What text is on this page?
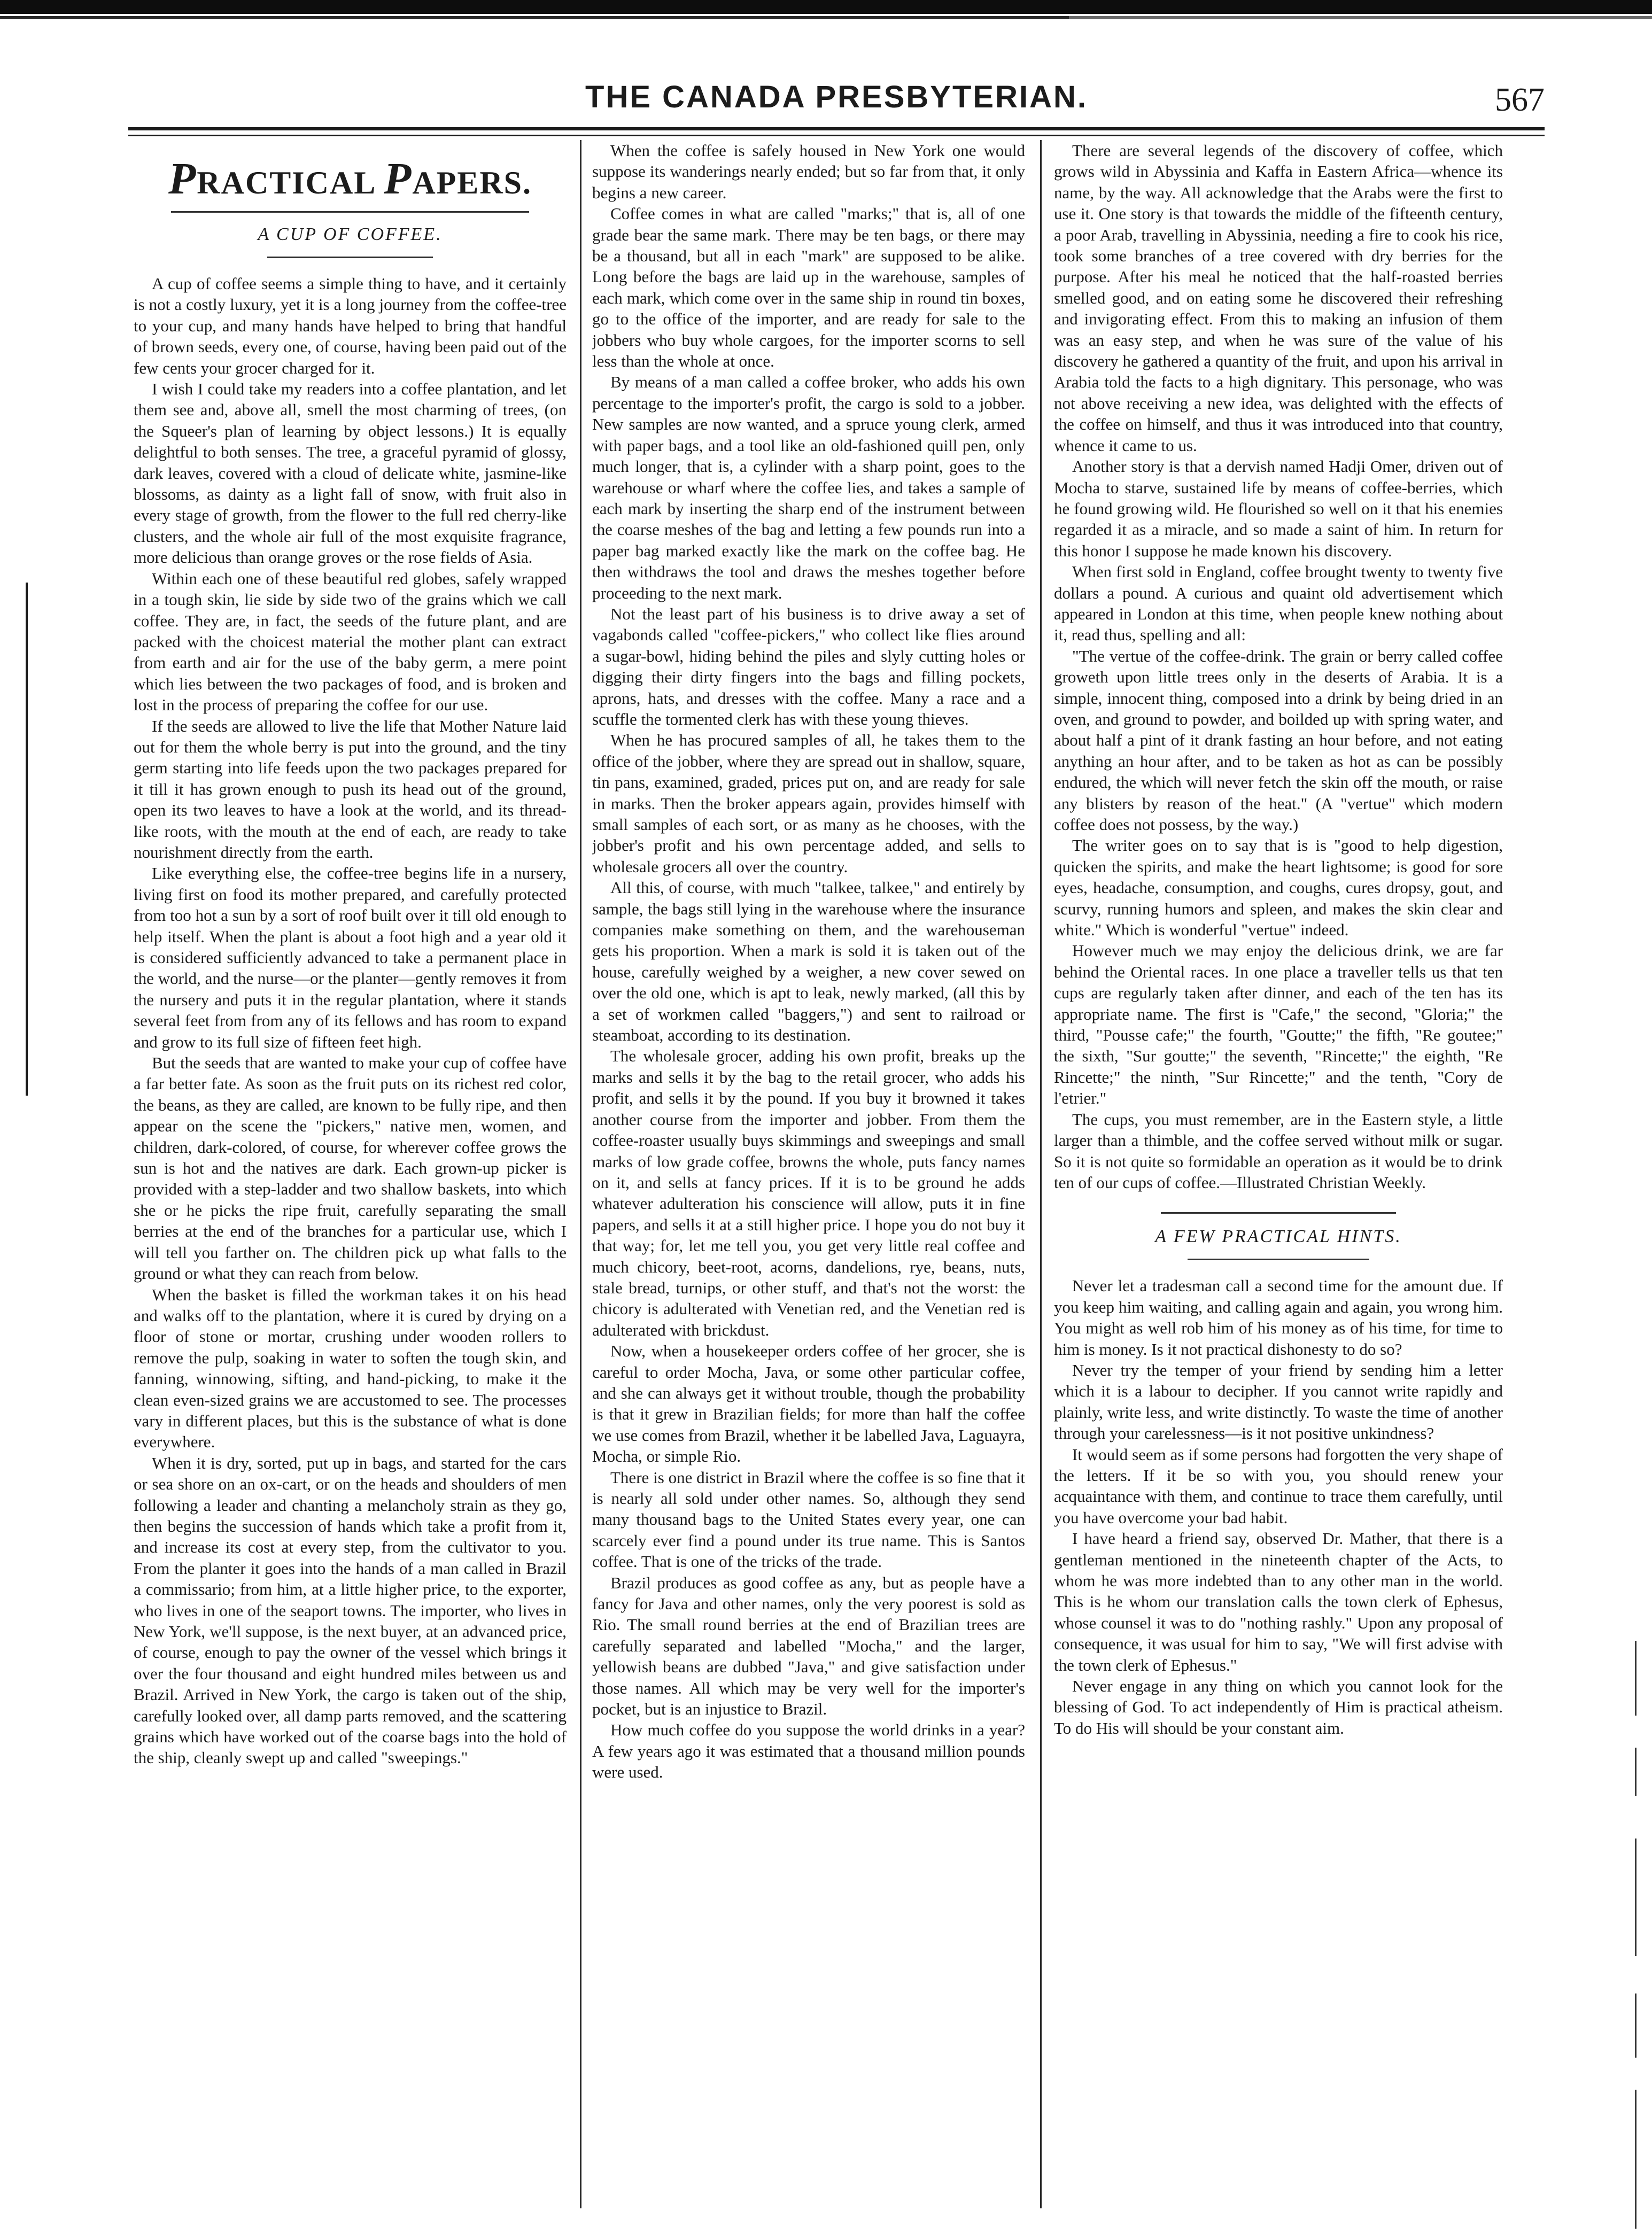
THE CANADA PRESBYTERIAN.	567
PRACTICAL PAPERS.
A CUP OF COFFEE.

A cup of coffee seems a simple thing to have, and it certainly is not a costly luxury, yet it is a long journey from the coffee-tree to your cup, and many hands have helped to bring that handful of brown seeds, every one, of course, having been paid out of the few cents your grocer charged for it.

I wish I could take my readers into a coffee plantation, and let them see and, above all, smell the most charming of trees, (on the Squeer's plan of learning by object lessons.) It is equally delightful to both senses. The tree, a graceful pyramid of glossy, dark leaves, covered with a cloud of delicate white, jasmine-like blossoms, as dainty as a light fall of snow, with fruit also in every stage of growth, from the flower to the full red cherry-like clusters, and the whole air full of the most exquisite fragrance, more delicious than orange groves or the rose fields of Asia.

Within each one of these beautiful red globes, safely wrapped in a tough skin, lie side by side two of the grains which we call coffee. They are, in fact, the seeds of the future plant, and are packed with the choicest material the mother plant can extract from earth and air for the use of the baby germ, a mere point which lies between the two packages of food, and is broken and lost in the process of preparing the coffee for our use.

If the seeds are allowed to live the life that Mother Nature laid out for them the whole berry is put into the ground, and the tiny germ starting into life feeds upon the two packages prepared for it till it has grown enough to push its head out of the ground, open its two leaves to have a look at the world, and its thread-like roots, with the mouth at the end of each, are ready to take nourishment directly from the earth.

Like everything else, the coffee-tree begins life in a nursery, living first on food its mother prepared, and carefully protected from too hot a sun by a sort of roof built over it till old enough to help itself. When the plant is about a foot high and a year old it is considered sufficiently advanced to take a permanent place in the world, and the nurse—or the planter—gently removes it from the nursery and puts it in the regular plantation, where it stands several feet from from any of its fellows and has room to expand and grow to its full size of fifteen feet high.

But the seeds that are wanted to make your cup of coffee have a far better fate. As soon as the fruit puts on its richest red color, the beans, as they are called, are known to be fully ripe, and then appear on the scene the "pickers," native men, women, and children, dark-colored, of course, for wherever coffee grows the sun is hot and the natives are dark. Each grown-up picker is provided with a step-ladder and two shallow baskets, into which she or he picks the ripe fruit, carefully separating the small berries at the end of the branches for a particular use, which I will tell you farther on. The children pick up what falls to the ground or what they can reach from below.

When the basket is filled the workman takes it on his head and walks off to the plantation, where it is cured by drying on a floor of stone or mortar, crushing under wooden rollers to remove the pulp, soaking in water to soften the tough skin, and fanning, winnowing, sifting, and hand-picking, to make it the clean even-sized grains we are accustomed to see. The processes vary in different places, but this is the substance of what is done everywhere.

When it is dry, sorted, put up in bags, and started for the cars or sea shore on an ox-cart, or on the heads and shoulders of men following a leader and chanting a melancholy strain as they go, then begins the succession of hands which take a profit from it, and increase its cost at every step, from the cultivator to you. From the planter it goes into the hands of a man called in Brazil a commissario; from him, at a little higher price, to the exporter, who lives in one of the seaport towns. The importer, who lives in New York, we'll suppose, is the next buyer, at an advanced price, of course, enough to pay the owner of the vessel which brings it over the four thousand and eight hundred miles between us and Brazil. Arrived in New York, the cargo is taken out of the ship, carefully looked over, all damp parts removed, and the scattering grains which have worked out of the coarse bags into the hold of the ship, cleanly swept up and called "sweepings."

When the coffee is safely housed in New York one would suppose its wanderings nearly ended; but so far from that, it only begins a new career.

Coffee comes in what are called "marks;" that is, all of one grade bear the same mark. There may be ten bags, or there may be a thousand, but all in each "mark" are supposed to be alike. Long before the bags are laid up in the warehouse, samples of each mark, which come over in the same ship in round tin boxes, go to the office of the importer, and are ready for sale to the jobbers who buy whole cargoes, for the importer scorns to sell less than the whole at once.

By means of a man called a coffee broker, who adds his own percentage to the importer's profit, the cargo is sold to a jobber. New samples are now wanted, and a spruce young clerk, armed with paper bags, and a tool like an old-fashioned quill pen, only much longer, that is, a cylinder with a sharp point, goes to the warehouse or wharf where the coffee lies, and takes a sample of each mark by inserting the sharp end of the instrument between the coarse meshes of the bag and letting a few pounds run into a paper bag marked exactly like the mark on the coffee bag. He then withdraws the tool and draws the meshes together before proceeding to the next mark.

Not the least part of his business is to drive away a set of vagabonds called "coffee-pickers," who collect like flies around a sugar-bowl, hiding behind the piles and slyly cutting holes or digging their dirty fingers into the bags and filling pockets, aprons, hats, and dresses with the coffee. Many a race and a scuffle the tormented clerk has with these young thieves.

When he has procured samples of all, he takes them to the office of the jobber, where they are spread out in shallow, square, tin pans, examined, graded, prices put on, and are ready for sale in marks. Then the broker appears again, provides himself with small samples of each sort, or as many as he chooses, with the jobber's profit and his own percentage added, and sells to wholesale grocers all over the country.

All this, of course, with much "talkee, talkee," and entirely by sample, the bags still lying in the warehouse where the insurance companies make something on them, and the warehouseman gets his proportion. When a mark is sold it is taken out of the house, carefully weighed by a weigher, a new cover sewed on over the old one, which is apt to leak, newly marked, (all this by a set of workmen called "baggers,") and sent to railroad or steamboat, according to its destination.

The wholesale grocer, adding his own profit, breaks up the marks and sells it by the bag to the retail grocer, who adds his profit, and sells it by the pound. If you buy it browned it takes another course from the importer and jobber. From them the coffee-roaster usually buys skimmings and sweepings and small marks of low grade coffee, browns the whole, puts fancy names on it, and sells at fancy prices. If it is to be ground he adds whatever adulteration his conscience will allow, puts it in fine papers, and sells it at a still higher price. I hope you do not buy it that way; for, let me tell you, you get very little real coffee and much chicory, beet-root, acorns, dandelions, rye, beans, nuts, stale bread, turnips, or other stuff, and that's not the worst: the chicory is adulterated with Venetian red, and the Venetian red is adulterated with brickdust.

Now, when a housekeeper orders coffee of her grocer, she is careful to order Mocha, Java, or some other particular coffee, and she can always get it without trouble, though the probability is that it grew in Brazilian fields; for more than half the coffee we use comes from Brazil, whether it be labelled Java, Laguayra, Mocha, or simple Rio.

There is one district in Brazil where the coffee is so fine that it is nearly all sold under other names. So, although they send many thousand bags to the United States every year, one can scarcely ever find a pound under its true name. This is Santos coffee. That is one of the tricks of the trade.

Brazil produces as good coffee as any, but as people have a fancy for Java and other names, only the very poorest is sold as Rio. The small round berries at the end of Brazilian trees are carefully separated and labelled "Mocha," and the larger, yellowish beans are dubbed "Java," and give satisfaction under those names. All which may be very well for the importer's pocket, but is an injustice to Brazil.

How much coffee do you suppose the world drinks in a year? A few years ago it was estimated that a thousand million pounds were used.

There are several legends of the discovery of coffee, which grows wild in Abyssinia and Kaffa in Eastern Africa—whence its name, by the way. All acknowledge that the Arabs were the first to use it. One story is that towards the middle of the fifteenth century, a poor Arab, travelling in Abyssinia, needing a fire to cook his rice, took some branches of a tree covered with dry berries for the purpose. After his meal he noticed that the half-roasted berries smelled good, and on eating some he discovered their refreshing and invigorating effect. From this to making an infusion of them was an easy step, and when he was sure of the value of his discovery he gathered a quantity of the fruit, and upon his arrival in Arabia told the facts to a high dignitary. This personage, who was not above receiving a new idea, was delighted with the effects of the coffee on himself, and thus it was introduced into that country, whence it came to us.

Another story is that a dervish named Hadji Omer, driven out of Mocha to starve, sustained life by means of coffee-berries, which he found growing wild. He flourished so well on it that his enemies regarded it as a miracle, and so made a saint of him. In return for this honor I suppose he made known his discovery.

When first sold in England, coffee brought twenty to twenty five dollars a pound. A curious and quaint old advertisement which appeared in London at this time, when people knew nothing about it, read thus, spelling and all:

"The vertue of the coffee-drink. The grain or berry called coffee groweth upon little trees only in the deserts of Arabia. It is a simple, innocent thing, composed into a drink by being dried in an oven, and ground to powder, and boilded up with spring water, and about half a pint of it drank fasting an hour before, and not eating anything an hour after, and to be taken as hot as can be possibly endured, the which will never fetch the skin off the mouth, or raise any blisters by reason of the heat." (A "vertue" which modern coffee does not possess, by the way.)

The writer goes on to say that is is "good to help digestion, quicken the spirits, and make the heart lightsome; is good for sore eyes, headache, consumption, and coughs, cures dropsy, gout, and scurvy, running humors and spleen, and makes the skin clear and white." Which is wonderful "vertue" indeed.

However much we may enjoy the delicious drink, we are far behind the Oriental races. In one place a traveller tells us that ten cups are regularly taken after dinner, and each of the ten has its appropriate name. The first is "Cafe," the second, "Gloria;" the third, "Pousse cafe;" the fourth, "Goutte;" the fifth, "Re goutee;" the sixth, "Sur goutte;" the seventh, "Rincette;" the eighth, "Re Rincette;" the ninth, "Sur Rincette;" and the tenth, "Cory de l'etrier."

The cups, you must remember, are in the Eastern style, a little larger than a thimble, and the coffee served without milk or sugar. So it is not quite so formidable an operation as it would be to drink ten of our cups of coffee.—Illustrated Christian Weekly.

A FEW PRACTICAL HINTS.

Never let a tradesman call a second time for the amount due. If you keep him waiting, and calling again and again, you wrong him. You might as well rob him of his money as of his time, for time to him is money. Is it not practical dishonesty to do so?

Never try the temper of your friend by sending him a letter which it is a labour to decipher. If you cannot write rapidly and plainly, write less, and write distinctly. To waste the time of another through your carelessness—is it not positive unkindness?

It would seem as if some persons had forgotten the very shape of the letters. If it be so with you, you should renew your acquaintance with them, and continue to trace them carefully, until you have overcome your bad habit.

I have heard a friend say, observed Dr. Mather, that there is a gentleman mentioned in the nineteenth chapter of the Acts, to whom he was more indebted than to any other man in the world. This is he whom our translation calls the town clerk of Ephesus, whose counsel it was to do "nothing rashly." Upon any proposal of consequence, it was usual for him to say, "We will first advise with the town clerk of Ephesus."

Never engage in any thing on which you cannot look for the blessing of God. To act independently of Him is practical atheism. To do His will should be your constant aim.
